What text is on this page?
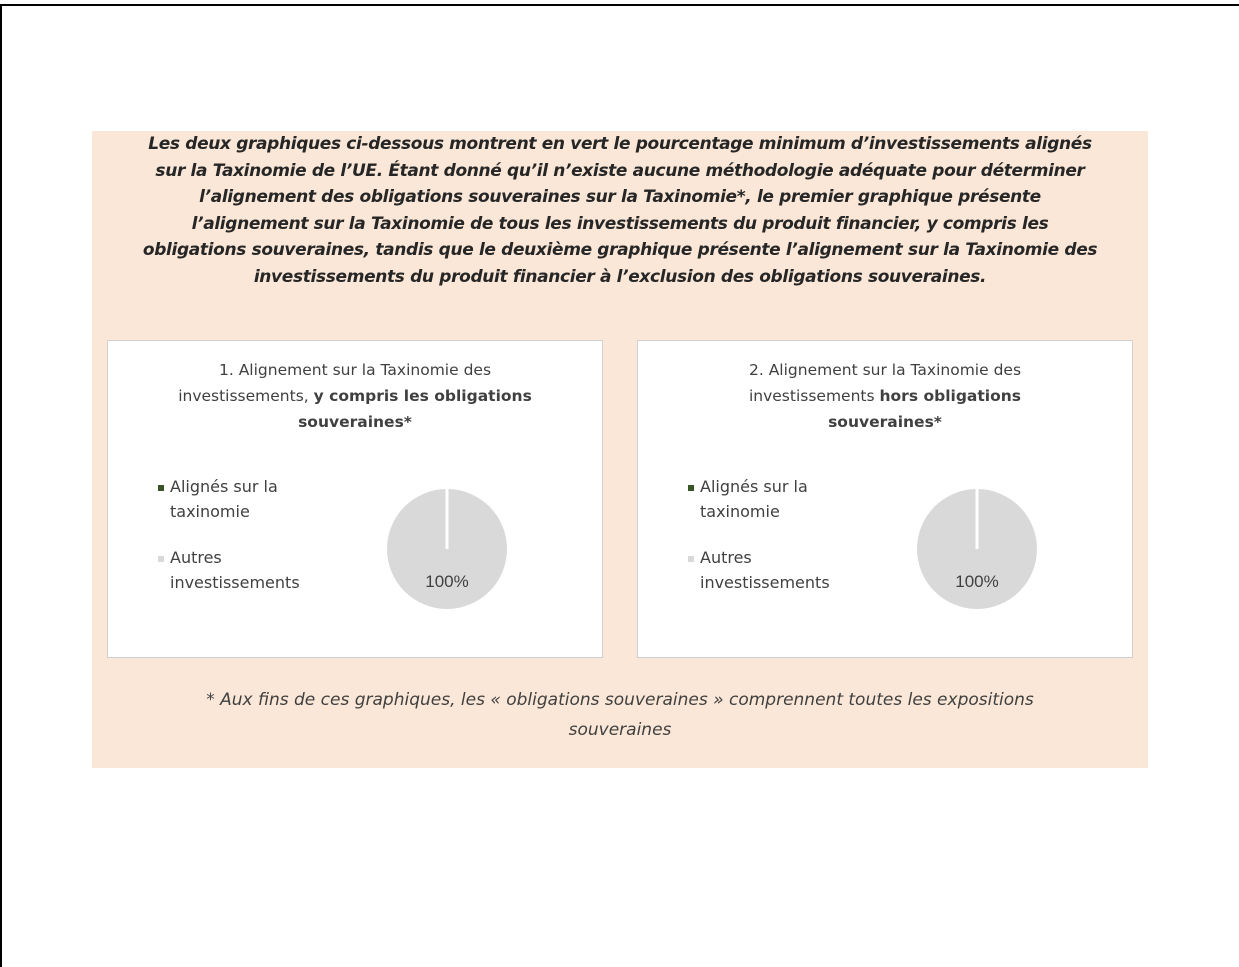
Les deux graphiques ci-dessous montrent en vert le pourcentage minimum d’investissements alignés
sur la Taxinomie de l’UE. Étant donné qu’il n’existe aucune méthodologie adéquate pour déterminer
l’alignement des obligations souveraines sur la Taxinomie*, le premier graphique présente
l’alignement sur la Taxinomie de tous les investissements du produit financier, y compris les
obligations souveraines, tandis que le deuxième graphique présente l’alignement sur la Taxinomie des
investissements du produit financier à l’exclusion des obligations souveraines.
1. Alignement sur la Taxinomie des
investissements, y compris les obligations
souveraines*
Alignés sur la
taxinomie
Autres
investissements	100%
2. Alignement sur la Taxinomie des
investissements hors obligations
souveraines*
Alignés sur la
taxinomie
Autres
investissements	100%
* Aux fins de ces graphiques, les « obligations souveraines » comprennent toutes les expositions
souveraines
